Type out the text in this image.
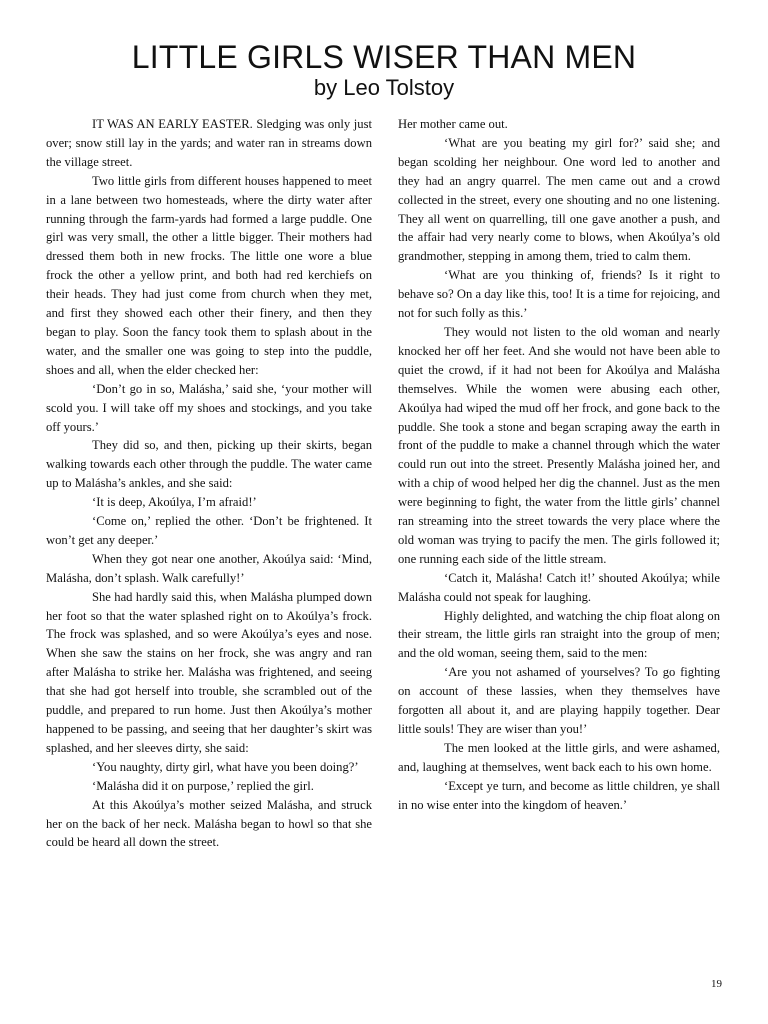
LITTLE GIRLS WISER THAN MEN
by Leo Tolstoy

IT WAS AN EARLY EASTER. Sledging was only just over; snow still lay in the yards; and water ran in streams down the village street.

Two little girls from different houses happened to meet in a lane between two homesteads, where the dirty water after running through the farm-yards had formed a large puddle. One girl was very small, the other a little bigger. Their mothers had dressed them both in new frocks. The little one wore a blue frock the other a yellow print, and both had red kerchiefs on their heads. They had just come from church when they met, and first they showed each other their finery, and then they began to play. Soon the fancy took them to splash about in the water, and the smaller one was going to step into the puddle, shoes and all, when the elder checked her:

‘Don’t go in so, Malásha,’ said she, ‘your mother will scold you. I will take off my shoes and stockings, and you take off yours.’

They did so, and then, picking up their skirts, began walking towards each other through the puddle. The water came up to Malásha’s ankles, and she said:

‘It is deep, Akoúlya, I’m afraid!’

‘Come on,’ replied the other. ‘Don’t be frightened. It won’t get any deeper.’

When they got near one another, Akoúlya said: ‘Mind, Malásha, don’t splash. Walk carefully!’

She had hardly said this, when Malásha plumped down her foot so that the water splashed right on to Akoúlya’s frock. The frock was splashed, and so were Akoúlya’s eyes and nose. When she saw the stains on her frock, she was angry and ran after Malásha to strike her. Malásha was frightened, and seeing that she had got herself into trouble, she scrambled out of the puddle, and prepared to run home. Just then Akoúlya’s mother happened to be passing, and seeing that her daughter’s skirt was splashed, and her sleeves dirty, she said:

‘You naughty, dirty girl, what have you been doing?’

‘Malásha did it on purpose,’ replied the girl.

At this Akoúlya’s mother seized Malásha, and struck her on the back of her neck. Malásha began to howl so that she could be heard all down the street.

Her mother came out.

‘What are you beating my girl for?’ said she; and began scolding her neighbour. One word led to another and they had an angry quarrel. The men came out and a crowd collected in the street, every one shouting and no one listening. They all went on quarrelling, till one gave another a push, and the affair had very nearly come to blows, when Akoúlya’s old grandmother, stepping in among them, tried to calm them.

‘What are you thinking of, friends? Is it right to behave so? On a day like this, too! It is a time for rejoicing, and not for such folly as this.’

They would not listen to the old woman and nearly knocked her off her feet. And she would not have been able to quiet the crowd, if it had not been for Akoúlya and Malásha themselves. While the women were abusing each other, Akoúlya had wiped the mud off her frock, and gone back to the puddle. She took a stone and began scraping away the earth in front of the puddle to make a channel through which the water could run out into the street. Presently Malásha joined her, and with a chip of wood helped her dig the channel. Just as the men were beginning to fight, the water from the little girls’ channel ran streaming into the street towards the very place where the old woman was trying to pacify the men. The girls followed it; one running each side of the little stream.

‘Catch it, Malásha! Catch it!’ shouted Akoúlya; while Malásha could not speak for laughing.

Highly delighted, and watching the chip float along on their stream, the little girls ran straight into the group of men; and the old woman, seeing them, said to the men:

‘Are you not ashamed of yourselves? To go fighting on account of these lassies, when they themselves have forgotten all about it, and are playing happily together. Dear little souls! They are wiser than you!’

The men looked at the little girls, and were ashamed, and, laughing at themselves, went back each to his own home.

‘Except ye turn, and become as little children, ye shall in no wise enter into the kingdom of heaven.’

19
